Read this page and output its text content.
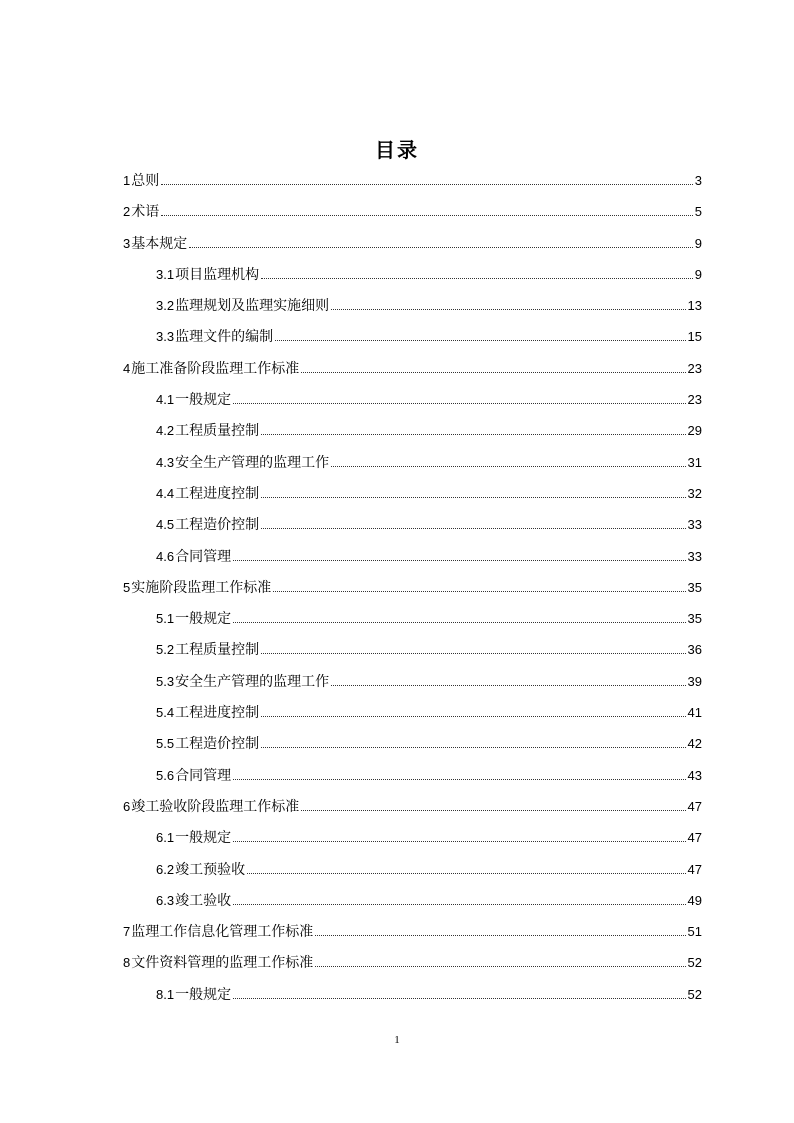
目录
1总则	3
2术语	5
3基本规定	9
3.1项目监理机构	9
3.2监理规划及监理实施细则	13
3.3监理文件的编制	15
4施工准备阶段监理工作标准	23
4.1一般规定	23
4.2工程质量控制	29
4.3安全生产管理的监理工作	31
4.4工程进度控制	32
4.5工程造价控制	33
4.6合同管理	33
5实施阶段监理工作标准	35
5.1一般规定	35
5.2工程质量控制	36
5.3安全生产管理的监理工作	39
5.4工程进度控制	41
5.5工程造价控制	42
5.6合同管理	43
6竣工验收阶段监理工作标准	47
6.1一般规定	47
6.2竣工预验收	47
6.3竣工验收	49
7监理工作信息化管理工作标准	51
8文件资料管理的监理工作标准	52
8.1一般规定	52
1
